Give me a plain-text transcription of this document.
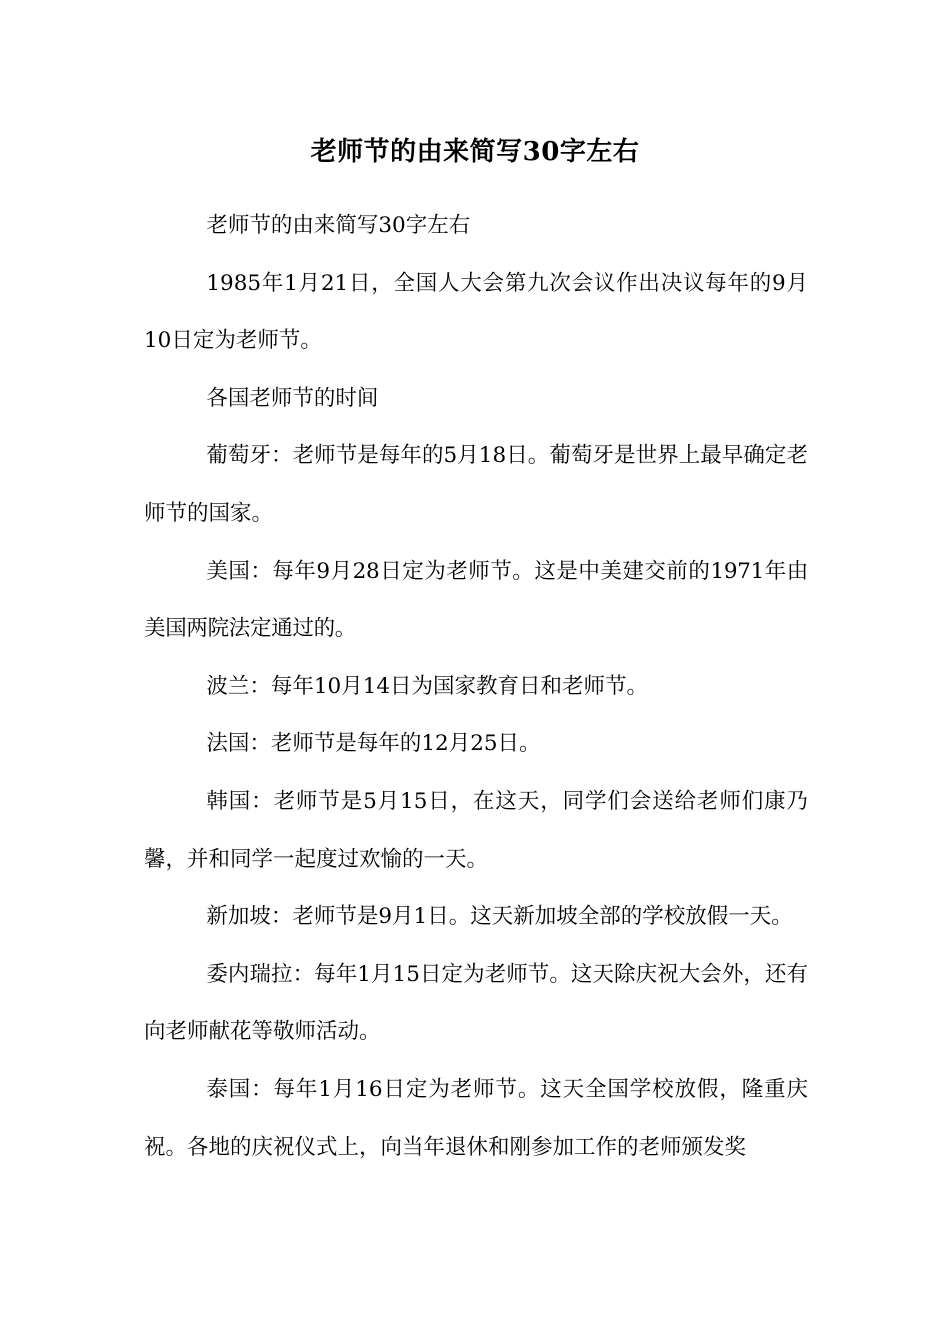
老师节的由来简写30字左右

老师节的由来简写30字左右

1985年1月21日，全国人大会第九次会议作出决议每年的9月10日定为老师节。

各国老师节的时间

葡萄牙：老师节是每年的5月18日。葡萄牙是世界上最早确定老师节的国家。

美国：每年9月28日定为老师节。这是中美建交前的1971年由美国两院法定通过的。

波兰：每年10月14日为国家教育日和老师节。

法国：老师节是每年的12月25日。

韩国：老师节是5月15日，在这天，同学们会送给老师们康乃馨，并和同学一起度过欢愉的一天。

新加坡：老师节是9月1日。这天新加坡全部的学校放假一天。

委内瑞拉：每年1月15日定为老师节。这天除庆祝大会外，还有向老师献花等敬师活动。

泰国：每年1月16日定为老师节。这天全国学校放假，隆重庆祝。各地的庆祝仪式上，向当年退休和刚参加工作的老师颁发奖
